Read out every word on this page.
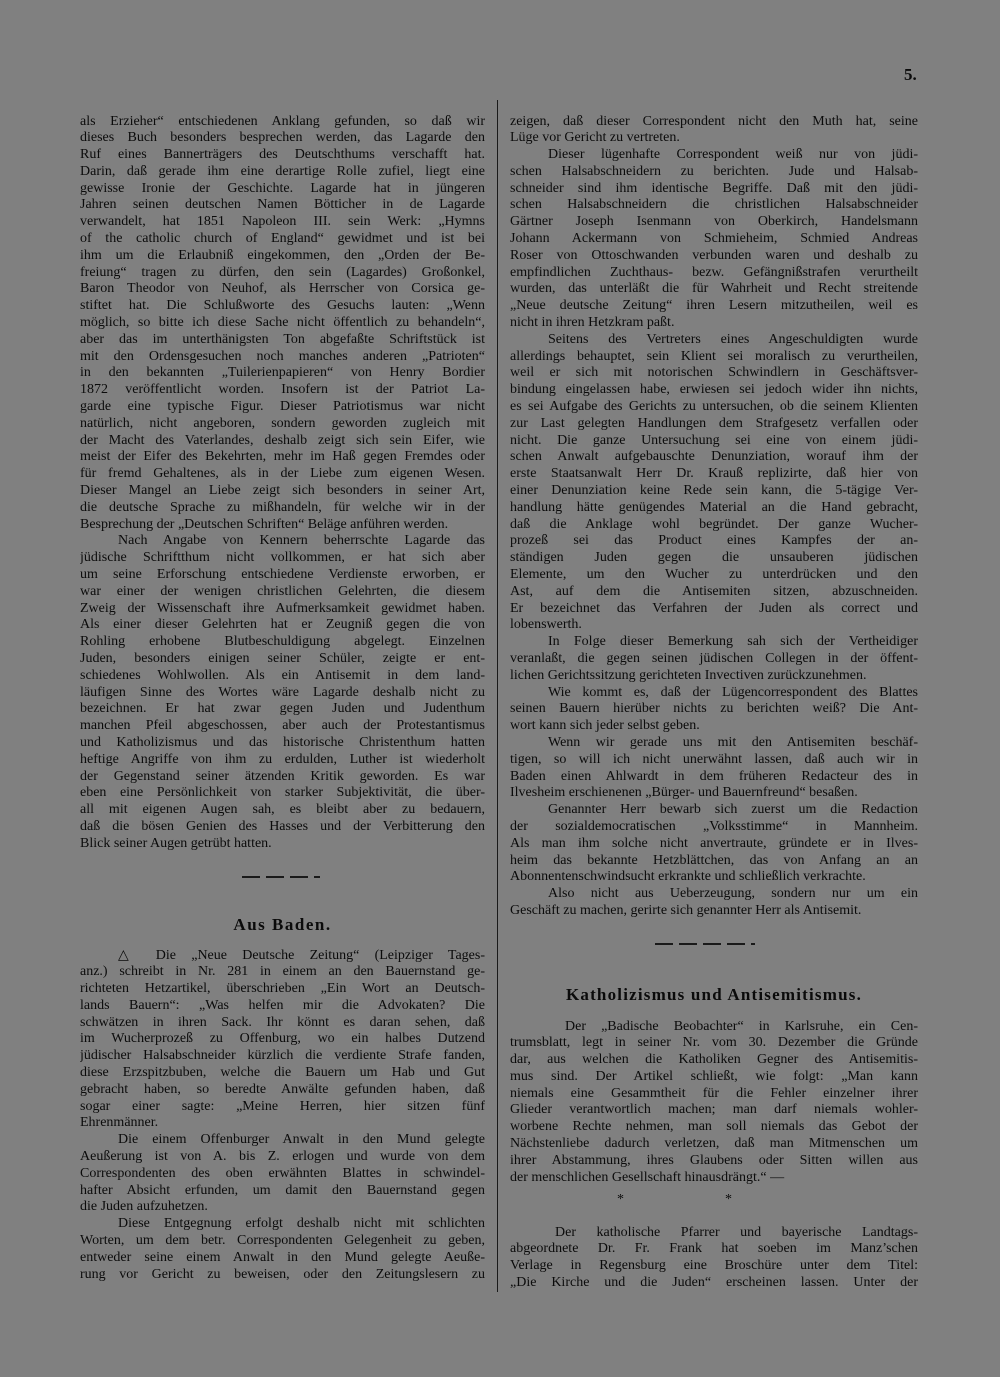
5.
als Erzieher“ entschiedenen Anklang gefunden, so daß wir
dieses Buch besonders besprechen werden, das Lagarde den
Ruf eines Bannerträgers des Deutschthums verschafft hat.
Darin, daß gerade ihm eine derartige Rolle zufiel, liegt eine
gewisse Ironie der Geschichte. Lagarde hat in jüngeren
Jahren seinen deutschen Namen Bötticher in de Lagarde
verwandelt, hat 1851 Napoleon III. sein Werk: „Hymns
of the catholic church of England“ gewidmet und ist bei
ihm um die Erlaubniß eingekommen, den „Orden der Be-
freiung“ tragen zu dürfen, den sein (Lagardes) Großonkel,
Baron Theodor von Neuhof, als Herrscher von Corsica ge-
stiftet hat. Die Schlußworte des Gesuchs lauten: „Wenn
möglich, so bitte ich diese Sache nicht öffentlich zu behandeln“,
aber das im unterthänigsten Ton abgefaßte Schriftstück ist
mit den Ordensgesuchen noch manches anderen „Patrioten“
in den bekannten „Tuilerienpapieren“ von Henry Bordier
1872 veröffentlicht worden. Insofern ist der Patriot La-
garde eine typische Figur. Dieser Patriotismus war nicht
natürlich, nicht angeboren, sondern geworden zugleich mit
der Macht des Vaterlandes, deshalb zeigt sich sein Eifer, wie
meist der Eifer des Bekehrten, mehr im Haß gegen Fremdes oder
für fremd Gehaltenes, als in der Liebe zum eigenen Wesen.
Dieser Mangel an Liebe zeigt sich besonders in seiner Art,
die deutsche Sprache zu mißhandeln, für welche wir in der
Besprechung der „Deutschen Schriften“ Beläge anführen werden.
Nach Angabe von Kennern beherrschte Lagarde das
jüdische Schriftthum nicht vollkommen, er hat sich aber
um seine Erforschung entschiedene Verdienste erworben, er
war einer der wenigen christlichen Gelehrten, die diesem
Zweig der Wissenschaft ihre Aufmerksamkeit gewidmet haben.
Als einer dieser Gelehrten hat er Zeugniß gegen die von
Rohling erhobene Blutbeschuldigung abgelegt. Einzelnen
Juden, besonders einigen seiner Schüler, zeigte er ent-
schiedenes Wohlwollen. Als ein Antisemit in dem land-
läufigen Sinne des Wortes wäre Lagarde deshalb nicht zu
bezeichnen. Er hat zwar gegen Juden und Judenthum
manchen Pfeil abgeschossen, aber auch der Protestantismus
und Katholizismus und das historische Christenthum hatten
heftige Angriffe von ihm zu erdulden, Luther ist wiederholt
der Gegenstand seiner ätzenden Kritik geworden. Es war
eben eine Persönlichkeit von starker Subjektivität, die über-
all mit eigenen Augen sah, es bleibt aber zu bedauern,
daß die bösen Genien des Hasses und der Verbitterung den
Blick seiner Augen getrübt hatten.
Aus Baden.
△ Die „Neue Deutsche Zeitung“ (Leipziger Tages-
anz.) schreibt in Nr. 281 in einem an den Bauernstand ge-
richteten Hetzartikel, überschrieben „Ein Wort an Deutsch-
lands Bauern“: „Was helfen mir die Advokaten? Die
schwätzen in ihren Sack. Ihr könnt es daran sehen, daß
im Wucherprozeß zu Offenburg, wo ein halbes Dutzend
jüdischer Halsabschneider kürzlich die verdiente Strafe fanden,
diese Erzspitzbuben, welche die Bauern um Hab und Gut
gebracht haben, so beredte Anwälte gefunden haben, daß
sogar einer sagte: „Meine Herren, hier sitzen fünf
Ehrenmänner.
Die einem Offenburger Anwalt in den Mund gelegte
Aeußerung ist von A. bis Z. erlogen und wurde von dem
Correspondenten des oben erwähnten Blattes in schwindel-
hafter Absicht erfunden, um damit den Bauernstand gegen
die Juden aufzuhetzen.
Diese Entgegnung erfolgt deshalb nicht mit schlichten
Worten, um dem betr. Correspondenten Gelegenheit zu geben,
entweder seine einem Anwalt in den Mund gelegte Aeuße-
rung vor Gericht zu beweisen, oder den Zeitungslesern zu
zeigen, daß dieser Correspondent nicht den Muth hat, seine
Lüge vor Gericht zu vertreten.
Dieser lügenhafte Correspondent weiß nur von jüdi-
schen Halsabschneidern zu berichten. Jude und Halsab-
schneider sind ihm identische Begriffe. Daß mit den jüdi-
schen Halsabschneidern die christlichen Halsabschneider
Gärtner Joseph Isenmann von Oberkirch, Handelsmann
Johann Ackermann von Schmieheim, Schmied Andreas
Roser von Ottoschwanden verbunden waren und deshalb zu
empfindlichen Zuchthaus- bezw. Gefängnißstrafen verurtheilt
wurden, das unterläßt die für Wahrheit und Recht streitende
„Neue deutsche Zeitung“ ihren Lesern mitzutheilen, weil es
nicht in ihren Hetzkram paßt.
Seitens des Vertreters eines Angeschuldigten wurde
allerdings behauptet, sein Klient sei moralisch zu verurtheilen,
weil er sich mit notorischen Schwindlern in Geschäftsver-
bindung eingelassen habe, erwiesen sei jedoch wider ihn nichts,
es sei Aufgabe des Gerichts zu untersuchen, ob die seinem Klienten
zur Last gelegten Handlungen dem Strafgesetz verfallen oder
nicht. Die ganze Untersuchung sei eine von einem jüdi-
schen Anwalt aufgebauschte Denunziation, worauf ihm der
erste Staatsanwalt Herr Dr. Krauß replizirte, daß hier von
einer Denunziation keine Rede sein kann, die 5-tägige Ver-
handlung hätte genügendes Material an die Hand gebracht,
daß die Anklage wohl begründet. Der ganze Wucher-
prozeß sei das Product eines Kampfes der an-
ständigen Juden gegen die unsauberen jüdischen
Elemente, um den Wucher zu unterdrücken und den
Ast, auf dem die Antisemiten sitzen, abzuschneiden.
Er bezeichnet das Verfahren der Juden als correct und
lobenswerth.
In Folge dieser Bemerkung sah sich der Vertheidiger
veranlaßt, die gegen seinen jüdischen Collegen in der öffent-
lichen Gerichtssitzung gerichteten Invectiven zurückzunehmen.
Wie kommt es, daß der Lügencorrespondent des Blattes
seinen Bauern hierüber nichts zu berichten weiß? Die Ant-
wort kann sich jeder selbst geben.
Wenn wir gerade uns mit den Antisemiten beschäf-
tigen, so will ich nicht unerwähnt lassen, daß auch wir in
Baden einen Ahlwardt in dem früheren Redacteur des in
Ilvesheim erschienenen „Bürger- und Bauernfreund“ besaßen.
Genannter Herr bewarb sich zuerst um die Redaction
der sozialdemocratischen „Volksstimme“ in Mannheim.
Als man ihm solche nicht anvertraute, gründete er in Ilves-
heim das bekannte Hetzblättchen, das von Anfang an an
Abonnentenschwindsucht erkrankte und schließlich verkrachte.
Also nicht aus Ueberzeugung, sondern nur um ein
Geschäft zu machen, gerirte sich genannter Herr als Antisemit.
Katholizismus und Antisemitismus.
Der „Badische Beobachter“ in Karlsruhe, ein Cen-
trumsblatt, legt in seiner Nr. vom 30. Dezember die Gründe
dar, aus welchen die Katholiken Gegner des Antisemitis-
mus sind. Der Artikel schließt, wie folgt: „Man kann
niemals eine Gesammtheit für die Fehler einzelner ihrer
Glieder verantwortlich machen; man darf niemals wohler-
worbene Rechte nehmen, man soll niemals das Gebot der
Nächstenliebe dadurch verletzen, daß man Mitmenschen um
ihrer Abstammung, ihres Glaubens oder Sitten willen aus
der menschlichen Gesellschaft hinausdrängt.“ —
*	*
Der katholische Pfarrer und bayerische Landtags-
abgeordnete Dr. Fr. Frank hat soeben im Manz’schen
Verlage in Regensburg eine Broschüre unter dem Titel:
„Die Kirche und die Juden“ erscheinen lassen. Unter der
